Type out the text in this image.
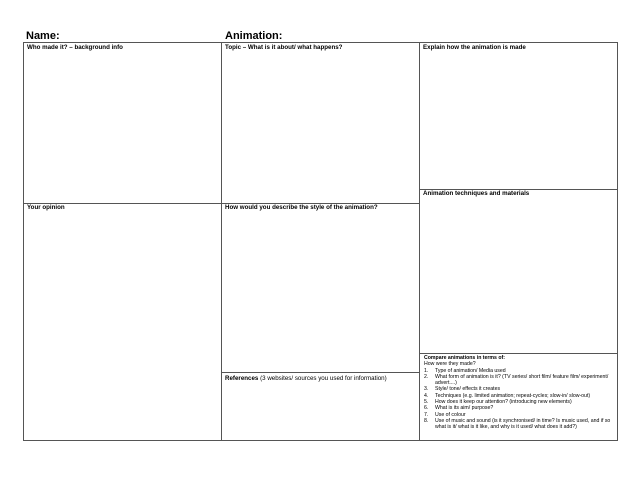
Name:	Animation:
Who made it? – background info	Topic – What is it about/ what happens?	Explain how the animation is made
Animation techniques and materials
Your opinion	How would you describe the style of the animation?
References (3 websites/ sources you used for information)
Compare animations in terms of:
How were they made?
1. Type of animation/ Media used
2. What form of animation is it? (TV series/ short film/ feature film/ experiment/ advert....)
3. Style/ tone/ effects it creates
4. Techniques (e.g. limited animation; repeat-cycles; slow-in/ slow-out)
5. How does it keep our attention? (introducing new elements)
6. What is its aim/ purpose?
7. Use of colour
8. Use of music and sound (is it synchronised/ in time? Is music used, and if so what is it/ what is it like, and why is it used/ what does it add?)
